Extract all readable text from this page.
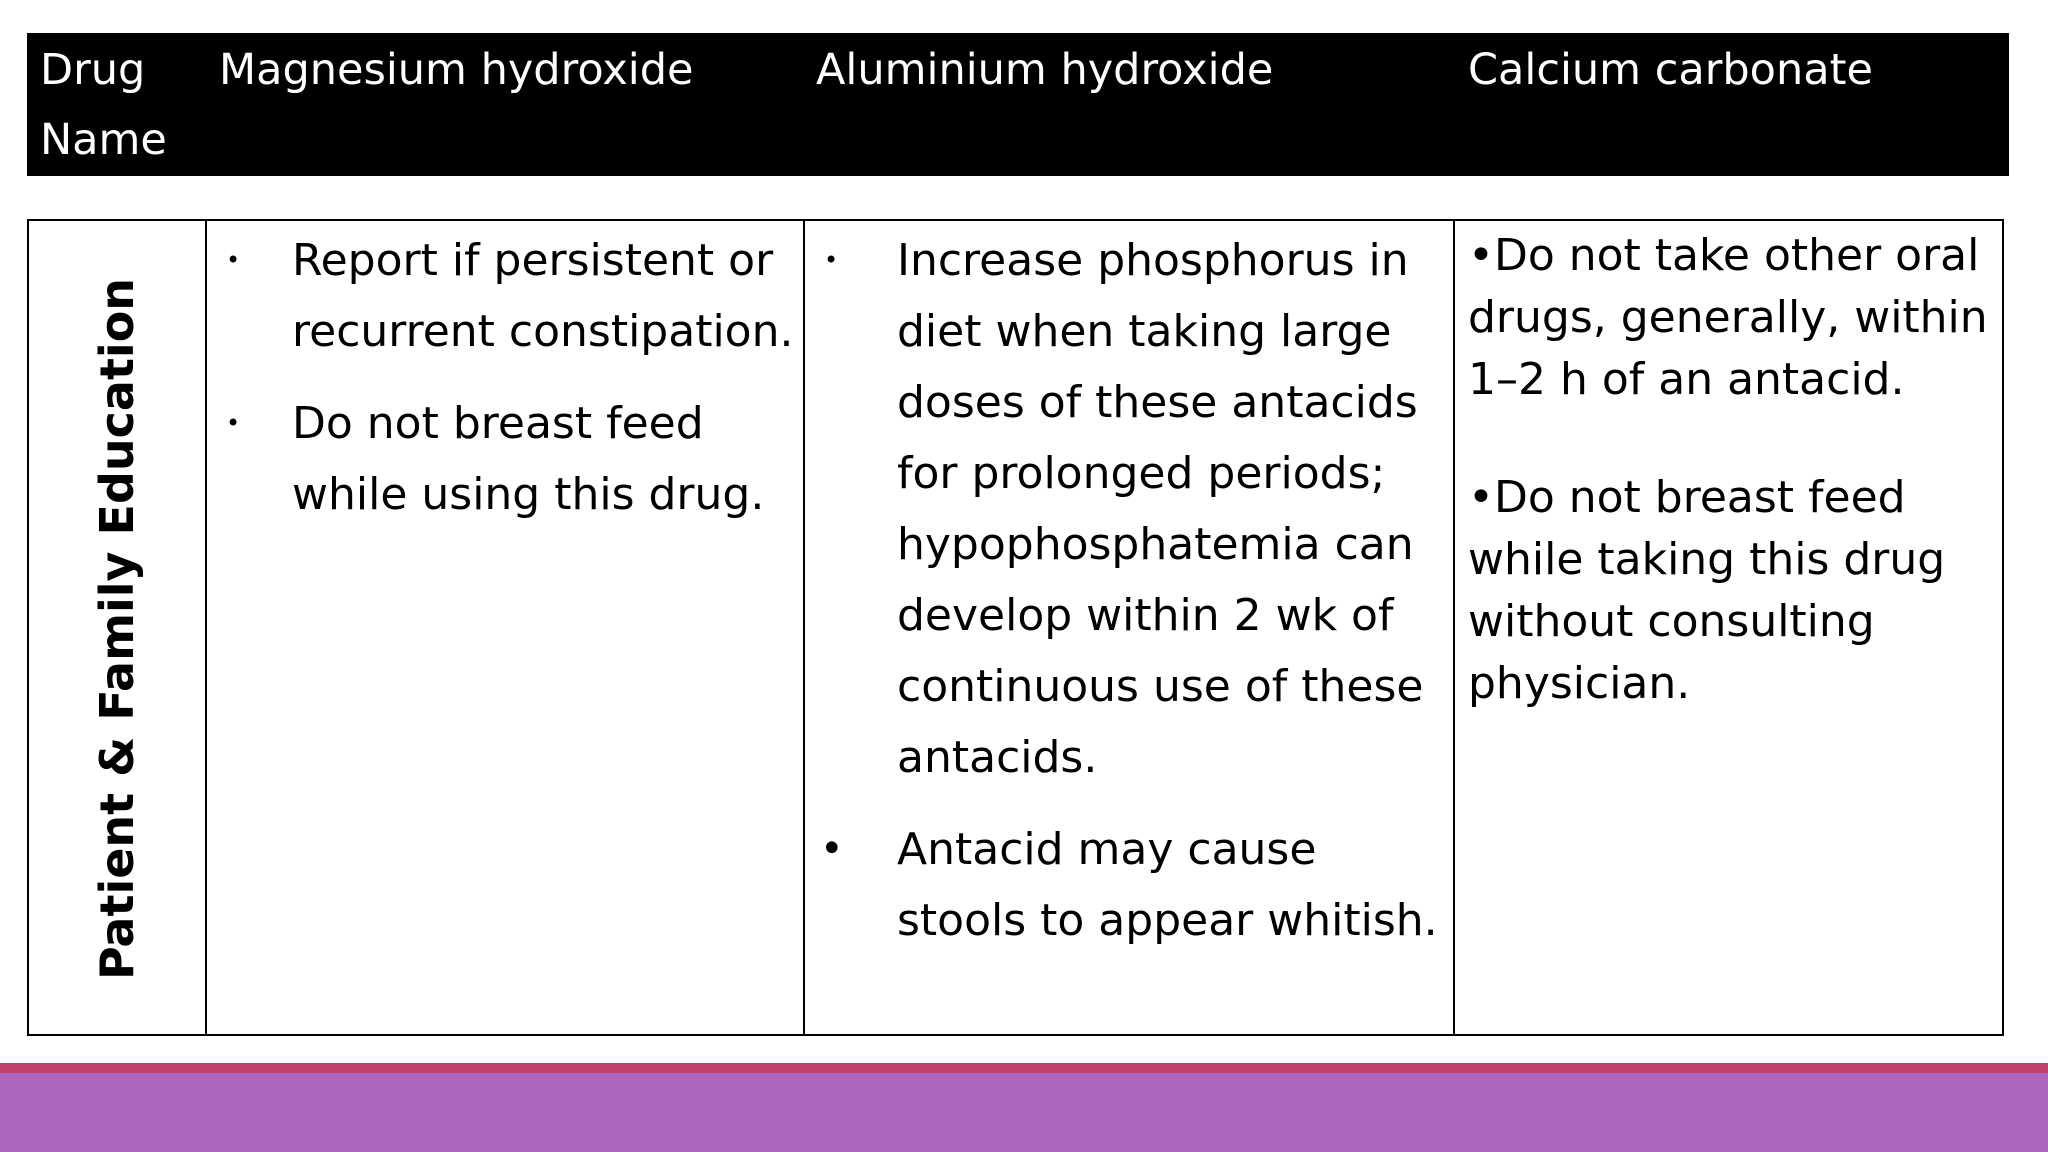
Drug Name
Magnesium hydroxide	Aluminium hydroxide	Calcium carbonate
Patient & Family Education
• Report if persistent or recurrent constipation.
• Do not breast feed while using this drug.
• Increase phosphorus in diet when taking large doses of these antacids for prolonged periods; hypophosphatemia can develop within 2 wk of continuous use of these antacids.
• Antacid may cause stools to appear whitish.

•Do not take other oral drugs, generally, within 1–2 h of an antacid.

•Do not breast feed while taking this drug without consulting physician.
